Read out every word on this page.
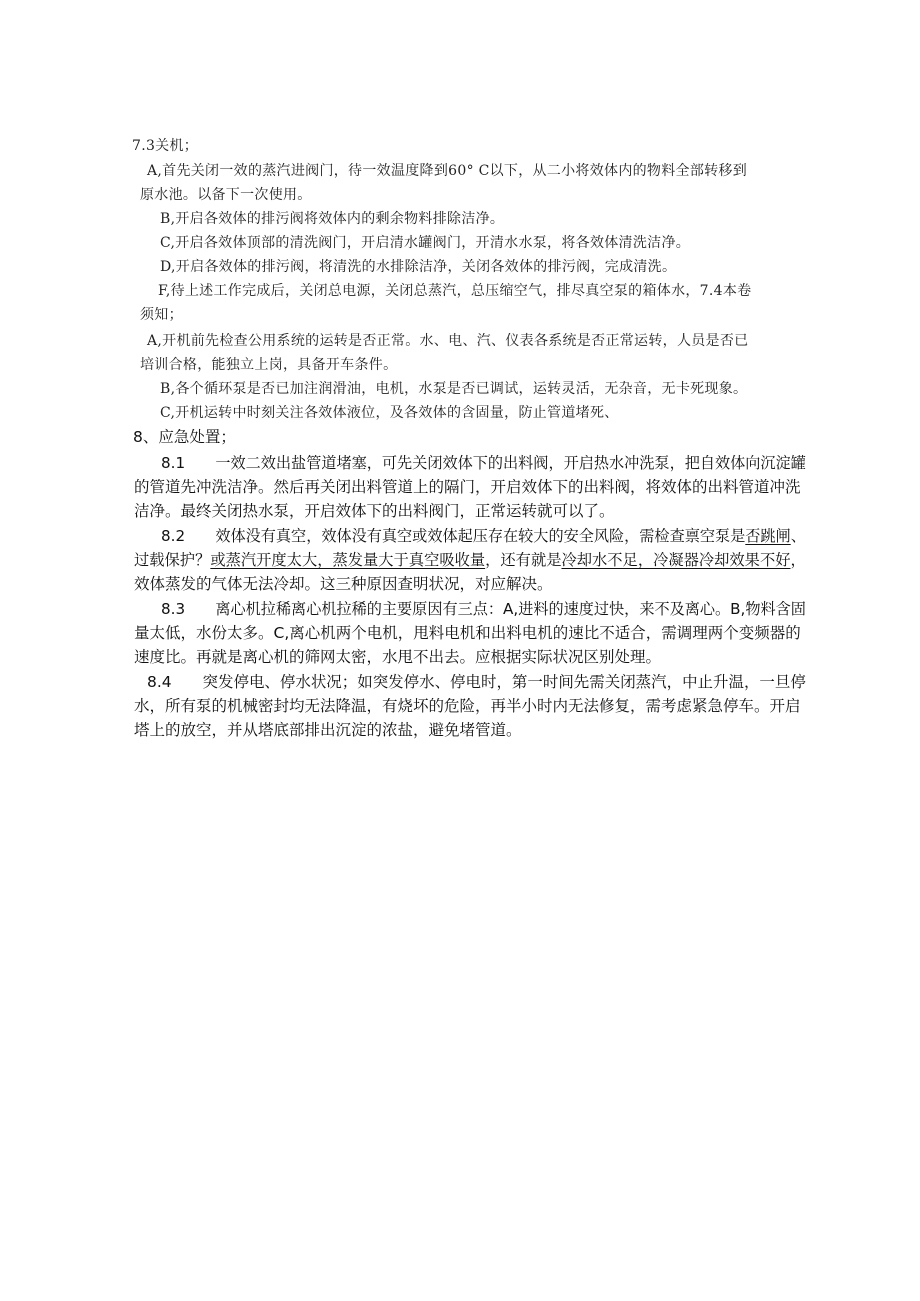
7.3关机；

A,首先关闭一效的蒸汽进阀门，待一效温度降到60° C以下，从二小将效体内的物料全部转移到

原水池。以备下一次使用。

B,开启各效体的排污阀将效体内的剩余物料排除洁净。

C,开启各效体顶部的清洗阀门，开启清水罐阀门，开清水水泵，将各效体清洗洁净。

D,开启各效体的排污阀，将清洗的水排除洁净，关闭各效体的排污阀，完成清洗。

F,待上述工作完成后，关闭总电源，关闭总蒸汽，总压缩空气，排尽真空泵的箱体水，7.4本卷

须知；

A,开机前先检查公用系统的运转是否正常。水、电、汽、仪表各系统是否正常运转，人员是否已

培训合格，能独立上岗，具备开车条件。

B,各个循环泵是否已加注润滑油，电机，水泵是否已调试，运转灵活，无杂音，无卡死现象。

C,开机运转中时刻关注各效体液位，及各效体的含固量，防止管道堵死、

8、应急处置；

8.1　　一效二效出盐管道堵塞，可先关闭效体下的出料阀，开启热水冲洗泵，把自效体向沉淀罐

的管道先冲洗洁净。然后再关闭出料管道上的隔门，开启效体下的出料阀，将效体的出料管道冲洗

洁净。最终关闭热水泵，开启效体下的出料阀门，正常运转就可以了。

8.2　　效体没有真空，效体没有真空或效体起压存在较大的安全风险，需检查禀空泵是否跳闸、

过载保护？或蒸汽开度太大，蒸发量大于真空吸收量，还有就是冷却水不足，冷凝器冷却效果不好，

效体蒸发的气体无法冷却。这三种原因查明状况，对应解决。

8.3　　离心机拉稀离心机拉稀的主要原因有三点：A,进料的速度过快，来不及离心。B,物料含固

量太低，水份太多。C,离心机两个电机，甩料电机和出料电机的速比不适合，需调理两个变频器的

速度比。再就是离心机的筛网太密，水甩不出去。应根据实际状况区别处理。

8.4　　突发停电、停水状况；如突发停水、停电时，第一时间先需关闭蒸汽，中止升温，一旦停

水，所有泵的机械密封均无法降温，有烧坏的危险，再半小时内无法修复，需考虑紧急停车。开启

塔上的放空，并从塔底部排出沉淀的浓盐，避免堵管道。
